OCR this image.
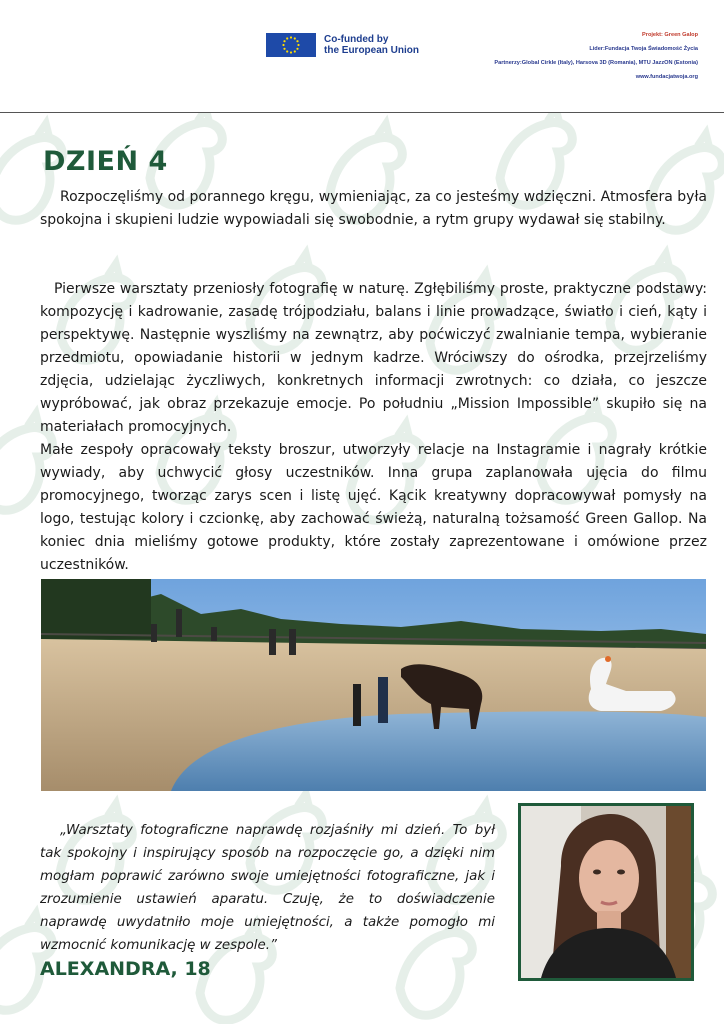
Co-funded by
the European Union
Projekt: Green Galop
Lider:Fundacja Twoja Świadomość Życia
Partnerzy:Global Cirkle (Italy), Harsova 3D (Romania), MTU JazzON (Estonia)
www.fundacjatwoja.org
DZIEŃ 4

Rozpoczęliśmy od porannego kręgu, wymieniając, za co jesteśmy wdzięczni. Atmosfera była spokojna i skupieni ludzie wypowiadali się swobodnie, a rytm grupy wydawał się stabilny.

Pierwsze warsztaty przeniosły fotografię w naturę. Zgłębiliśmy proste, praktyczne podstawy: kompozycję i kadrowanie, zasadę trójpodziału, balans i linie prowadzące, światło i cień, kąty i perspektywę. Następnie wyszliśmy na zewnątrz, aby poćwiczyć zwalnianie tempa, wybieranie przedmiotu, opowiadanie historii w jednym kadrze. Wróciwszy do ośrodka, przejrzeliśmy zdjęcia, udzielając życzliwych, konkretnych informacji zwrotnych: co działa, co jeszcze wypróbować, jak obraz przekazuje emocje. Po południu „Mission Impossible” skupiło się na materiałach promocyjnych.

Małe zespoły opracowały teksty broszur, utworzyły relacje na Instagramie i nagrały krótkie wywiady, aby uchwycić głosy uczestników. Inna grupa zaplanowała ujęcia do filmu promocyjnego, tworząc zarys scen i listę ujęć. Kącik kreatywny dopracowywał pomysły na logo, testując kolory i czcionkę, aby zachować świeżą, naturalną tożsamość Green Gallop. Na koniec dnia mieliśmy gotowe produkty, które zostały zaprezentowane i omówione przez uczestników.

„Warsztaty fotograficzne naprawdę rozjaśniły mi dzień. To był tak spokojny i inspirujący sposób na rozpoczęcie go, a dzięki nim mogłam poprawić zarówno swoje umiejętności fotograficzne, jak i zrozumienie ustawień aparatu. Czuję, że to doświadczenie naprawdę uwydatniło moje umiejętności, a także pomogło mi wzmocnić komunikację w zespole.”

ALEXANDRA, 18
